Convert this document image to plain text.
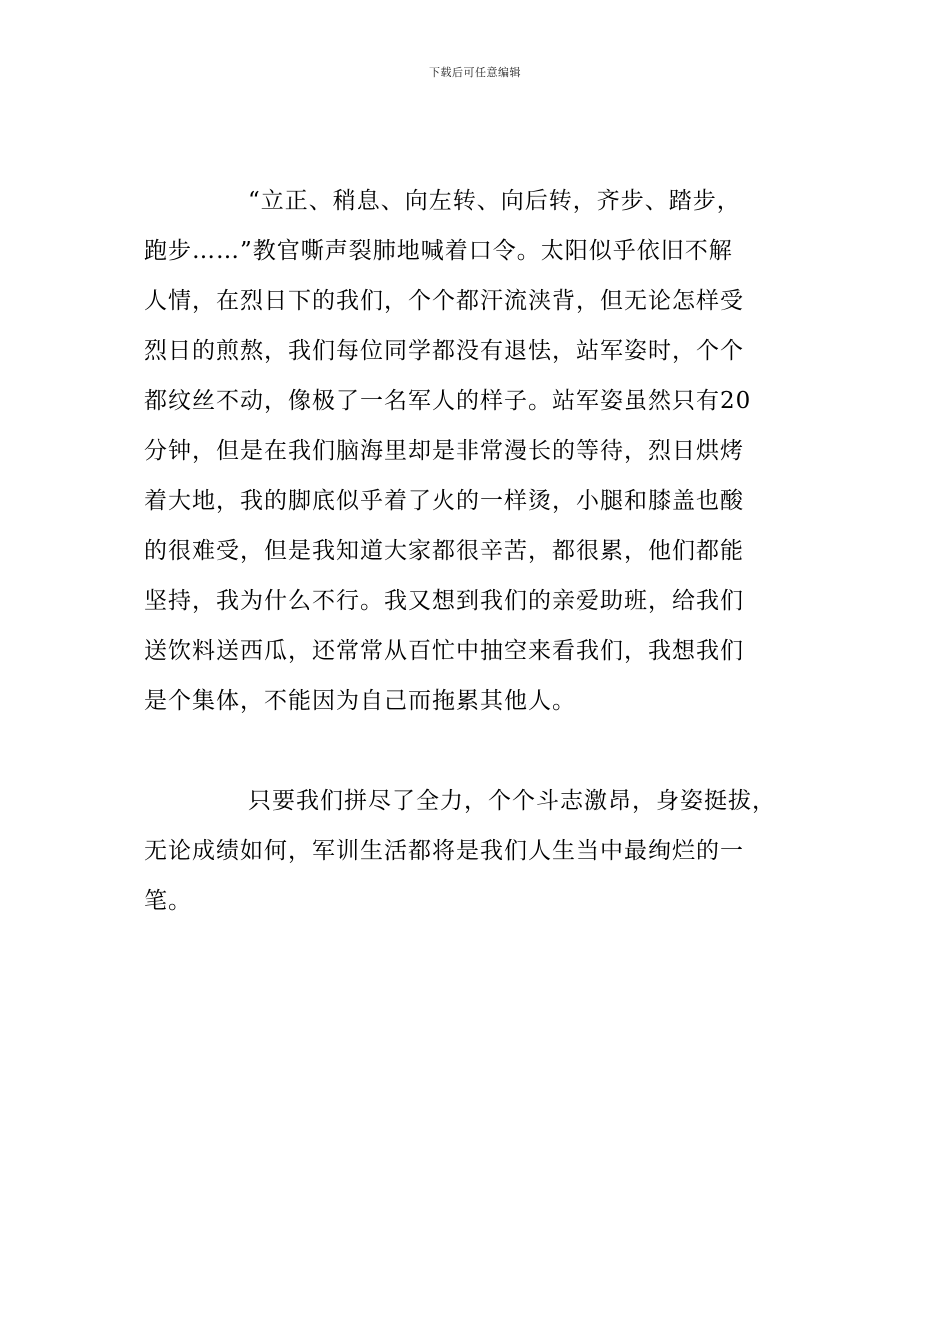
下载后可任意编辑
“立正、稍息、向左转、向后转，齐步、踏步，
跑步……”教官嘶声裂肺地喊着口令。太阳似乎依旧不解
人情，在烈日下的我们，个个都汗流浃背，但无论怎样受
烈日的煎熬，我们每位同学都没有退怯，站军姿时，个个
都纹丝不动，像极了一名军人的样子。站军姿虽然只有20
分钟，但是在我们脑海里却是非常漫长的等待，烈日烘烤
着大地，我的脚底似乎着了火的一样烫，小腿和膝盖也酸
的很难受，但是我知道大家都很辛苦，都很累，他们都能
坚持，我为什么不行。我又想到我们的亲爱助班，给我们
送饮料送西瓜，还常常从百忙中抽空来看我们，我想我们
是个集体，不能因为自己而拖累其他人。
只要我们拼尽了全力，个个斗志激昂，身姿挺拔，
无论成绩如何，军训生活都将是我们人生当中最绚烂的一
笔。
